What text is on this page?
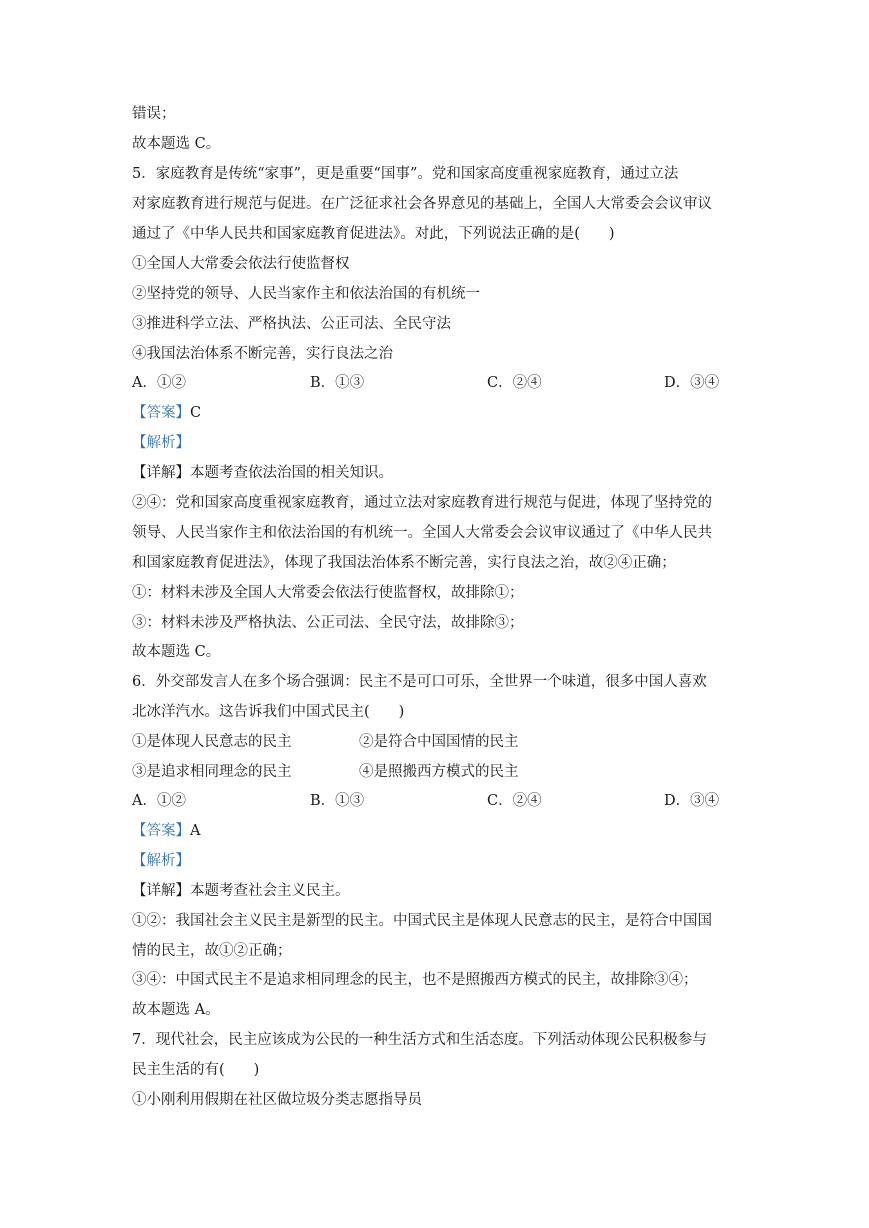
错误；
故本题选 C。
5．家庭教育是传统“家事”，更是重要“国事”。党和国家高度重视家庭教育，通过立法
对家庭教育进行规范与促进。在广泛征求社会各界意见的基础上，全国人大常委会会议审议
通过了《中华人民共和国家庭教育促进法》。对此，下列说法正确的是(　　)
①全国人大常委会依法行使监督权
②坚持党的领导、人民当家作主和依法治国的有机统一
③推进科学立法、严格执法、公正司法、全民守法
④我国法治体系不断完善，实行良法之治
A．①②	B．①③	C．②④	D．③④
【答案】C
【解析】
【详解】本题考查依法治国的相关知识。
②④：党和国家高度重视家庭教育，通过立法对家庭教育进行规范与促进，体现了坚持党的
领导、人民当家作主和依法治国的有机统一。全国人大常委会会议审议通过了《中华人民共
和国家庭教育促进法》，体现了我国法治体系不断完善，实行良法之治，故②④正确；
①：材料未涉及全国人大常委会依法行使监督权，故排除①；
③：材料未涉及严格执法、公正司法、全民守法，故排除③；
故本题选 C。
6．外交部发言人在多个场合强调：民主不是可口可乐，全世界一个味道，很多中国人喜欢
北冰洋汽水。这告诉我们中国式民主(　　)
①是体现人民意志的民主	②是符合中国国情的民主
③是追求相同理念的民主	④是照搬西方模式的民主
A．①②	B．①③	C．②④	D．③④
【答案】A
【解析】
【详解】本题考查社会主义民主。
①②：我国社会主义民主是新型的民主。中国式民主是体现人民意志的民主，是符合中国国
情的民主，故①②正确；
③④：中国式民主不是追求相同理念的民主，也不是照搬西方模式的民主，故排除③④；
故本题选 A。
7．现代社会，民主应该成为公民的一种生活方式和生活态度。下列活动体现公民积极参与
民主生活的有(　　)
①小刚利用假期在社区做垃圾分类志愿指导员
